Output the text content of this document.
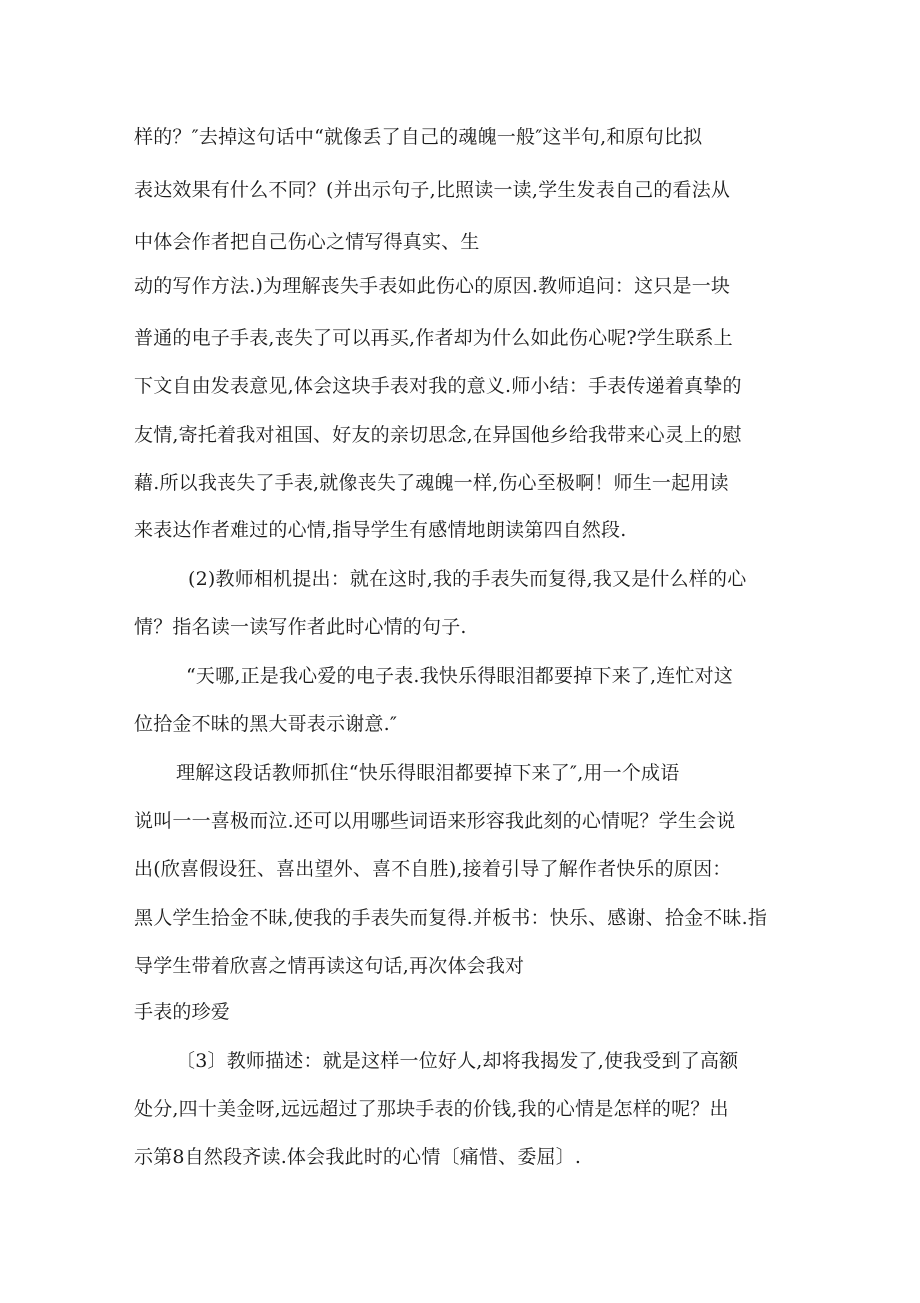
样的？″去掉这句话中“就像丢了自己的魂魄一般″这半句,和原句比拟
表达效果有什么不同？(并出示句子,比照读一读,学生发表自己的看法从
中体会作者把自己伤心之情写得真实、生
动的写作方法.)为理解丧失手表如此伤心的原因.教师追问：这只是一块
普通的电子手表,丧失了可以再买,作者却为什么如此伤心呢?学生联系上
下文自由发表意见,体会这块手表对我的意义.师小结：手表传递着真挚的
友情,寄托着我对祖国、好友的亲切思念,在异国他乡给我带来心灵上的慰
藉.所以我丧失了手表,就像丧失了魂魄一样,伤心至极啊！师生一起用读
来表达作者难过的心情,指导学生有感情地朗读第四自然段.
(2)教师相机提出：就在这时,我的手表失而复得,我又是什么样的心
情？指名读一读写作者此时心情的句子.
“天哪,正是我心爱的电子表.我快乐得眼泪都要掉下来了,连忙对这
位拾金不昧的黑大哥表示谢意.″
理解这段话教师抓住“快乐得眼泪都要掉下来了″,用一个成语
说叫一一喜极而泣.还可以用哪些词语来形容我此刻的心情呢？学生会说
出(欣喜假设狂、喜出望外、喜不自胜),接着引导了解作者快乐的原因：
黑人学生拾金不昧,使我的手表失而复得.并板书：快乐、感谢、拾金不昧.指
导学生带着欣喜之情再读这句话,再次体会我对
手表的珍爱
〔3〕教师描述：就是这样一位好人,却将我揭发了,使我受到了高额
处分,四十美金呀,远远超过了那块手表的价钱,我的心情是怎样的呢？出
示第8自然段齐读.体会我此时的心情〔痛惜、委屈〕.
